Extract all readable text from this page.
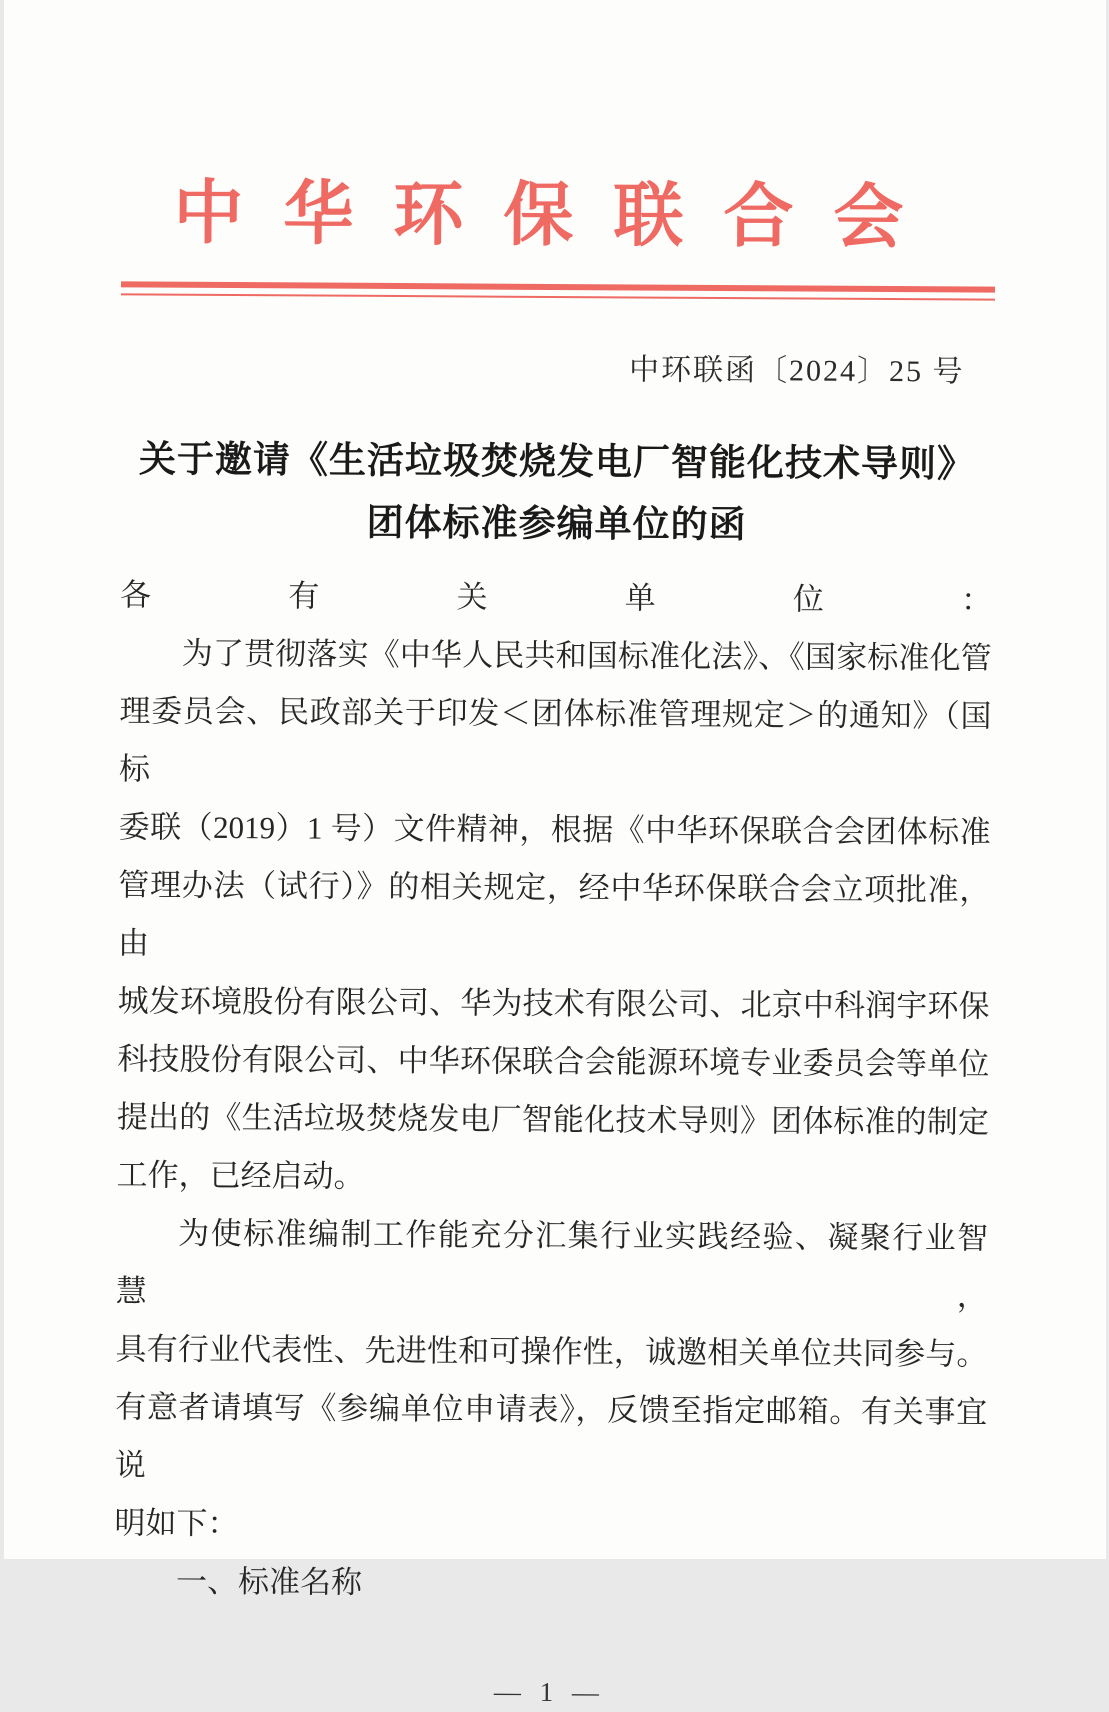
中华环保联合会
中环联函〔2024〕25 号
关于邀请《生活垃圾焚烧发电厂智能化技术导则》
团体标准参编单位的函
各有关单位：
为了贯彻落实《中华人民共和国标准化法》、《国家标准化管
理委员会、民政部关于印发＜团体标准管理规定＞的通知》（国标
委联（2019）1 号）文件精神，根据《中华环保联合会团体标准
管理办法（试行）》的相关规定，经中华环保联合会立项批准，由
城发环境股份有限公司、华为技术有限公司、北京中科润宇环保
科技股份有限公司、中华环保联合会能源环境专业委员会等单位
提出的《生活垃圾焚烧发电厂智能化技术导则》团体标准的制定
工作，已经启动。
为使标准编制工作能充分汇集行业实践经验、凝聚行业智慧，
具有行业代表性、先进性和可操作性，诚邀相关单位共同参与。
有意者请填写《参编单位申请表》，反馈至指定邮箱。有关事宜说
明如下：
一、标准名称
— 1 —
